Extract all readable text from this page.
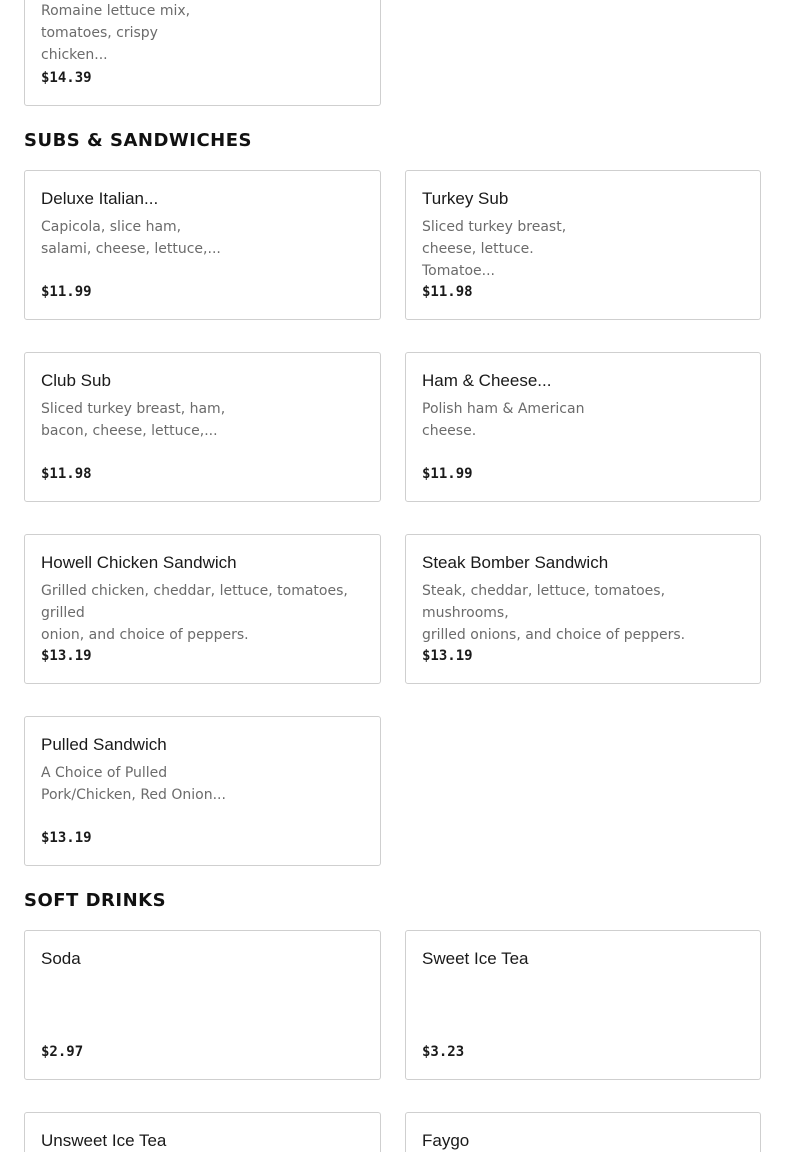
Romaine lettuce mix,
tomatoes, crispy chicken...
$14.39
SUBS & SANDWICHES
Deluxe Italian...
Capicola, slice ham,
salami, cheese, lettuce,...
$11.99
Turkey Sub
Sliced turkey breast,
cheese, lettuce. Tomatoe...
$11.98
Club Sub
Sliced turkey breast, ham,
bacon, cheese, lettuce,...
$11.98
Ham & Cheese...
Polish ham & American
cheese.
$11.99
Howell Chicken Sandwich
Grilled chicken, cheddar, lettuce, tomatoes, grilled
onion, and choice of peppers.
$13.19
Steak Bomber Sandwich
Steak, cheddar, lettuce, tomatoes, mushrooms,
grilled onions, and choice of peppers.
$13.19
Pulled Sandwich
A Choice of Pulled
Pork/Chicken, Red Onion...
$13.19
SOFT DRINKS
Soda
$2.97
Sweet Ice Tea
$3.23
Unsweet Ice Tea	Faygo
